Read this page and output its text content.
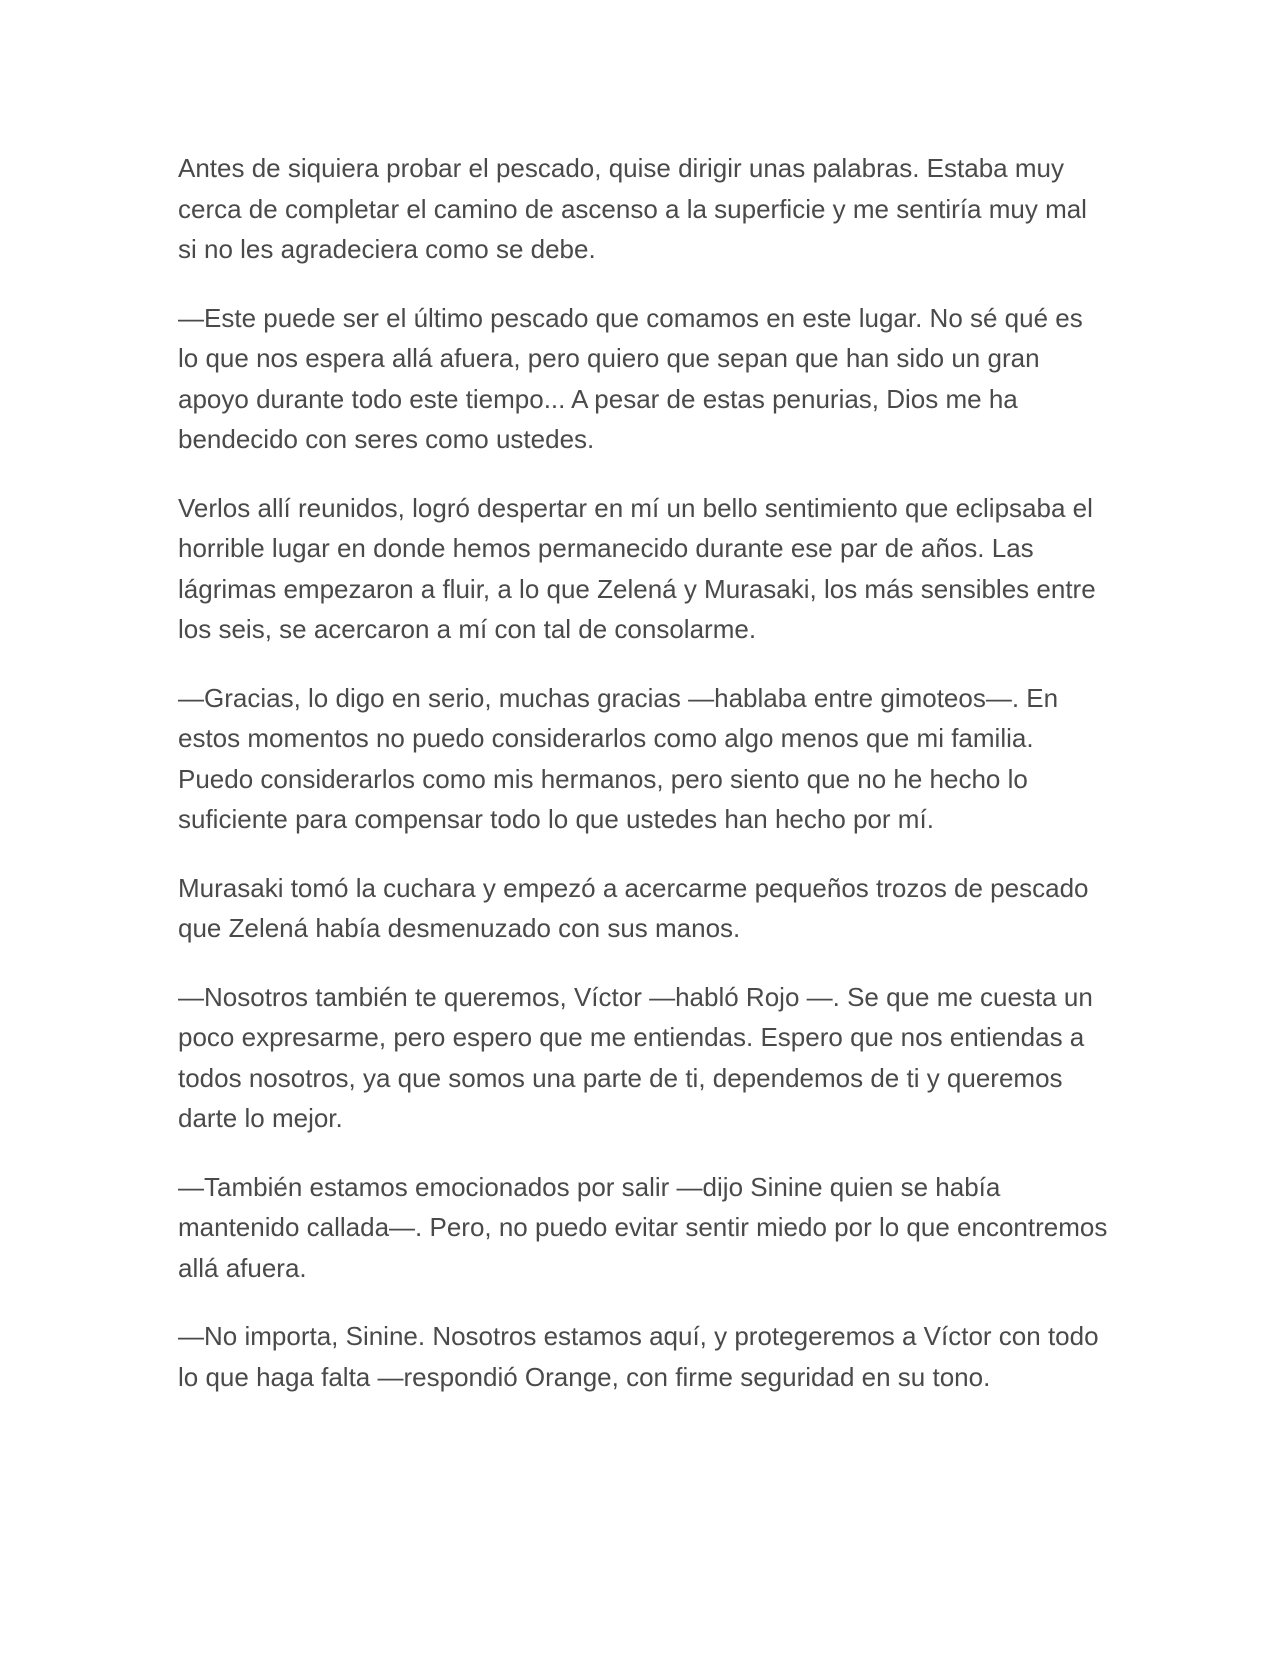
Antes de siquiera probar el pescado, quise dirigir unas palabras. Estaba muy cerca de completar el camino de ascenso a la superficie y me sentiría muy mal si no les agradeciera como se debe.

—Este puede ser el último pescado que comamos en este lugar. No sé qué es lo que nos espera allá afuera, pero quiero que sepan que han sido un gran apoyo durante todo este tiempo... A pesar de estas penurias, Dios me ha bendecido con seres como ustedes.

Verlos allí reunidos, logró despertar en mí un bello sentimiento que eclipsaba el horrible lugar en donde hemos permanecido durante ese par de años. Las lágrimas empezaron a fluir, a lo que Zelená y Murasaki, los más sensibles entre los seis, se acercaron a mí con tal de consolarme.

—Gracias, lo digo en serio, muchas gracias —hablaba entre gimoteos—. En estos momentos no puedo considerarlos como algo menos que mi familia. Puedo considerarlos como mis hermanos, pero siento que no he hecho lo suficiente para compensar todo lo que ustedes han hecho por mí.

Murasaki tomó la cuchara y empezó a acercarme pequeños trozos de pescado que Zelená había desmenuzado con sus manos.

—Nosotros también te queremos, Víctor —habló Rojo —. Se que me cuesta un poco expresarme, pero espero que me entiendas. Espero que nos entiendas a todos nosotros, ya que somos una parte de ti, dependemos de ti y queremos darte lo mejor.

—También estamos emocionados por salir —dijo Sinine quien se había mantenido callada—. Pero, no puedo evitar sentir miedo por lo que encontremos allá afuera.

—No importa, Sinine. Nosotros estamos aquí, y protegeremos a Víctor con todo lo que haga falta —respondió Orange, con firme seguridad en su tono.
